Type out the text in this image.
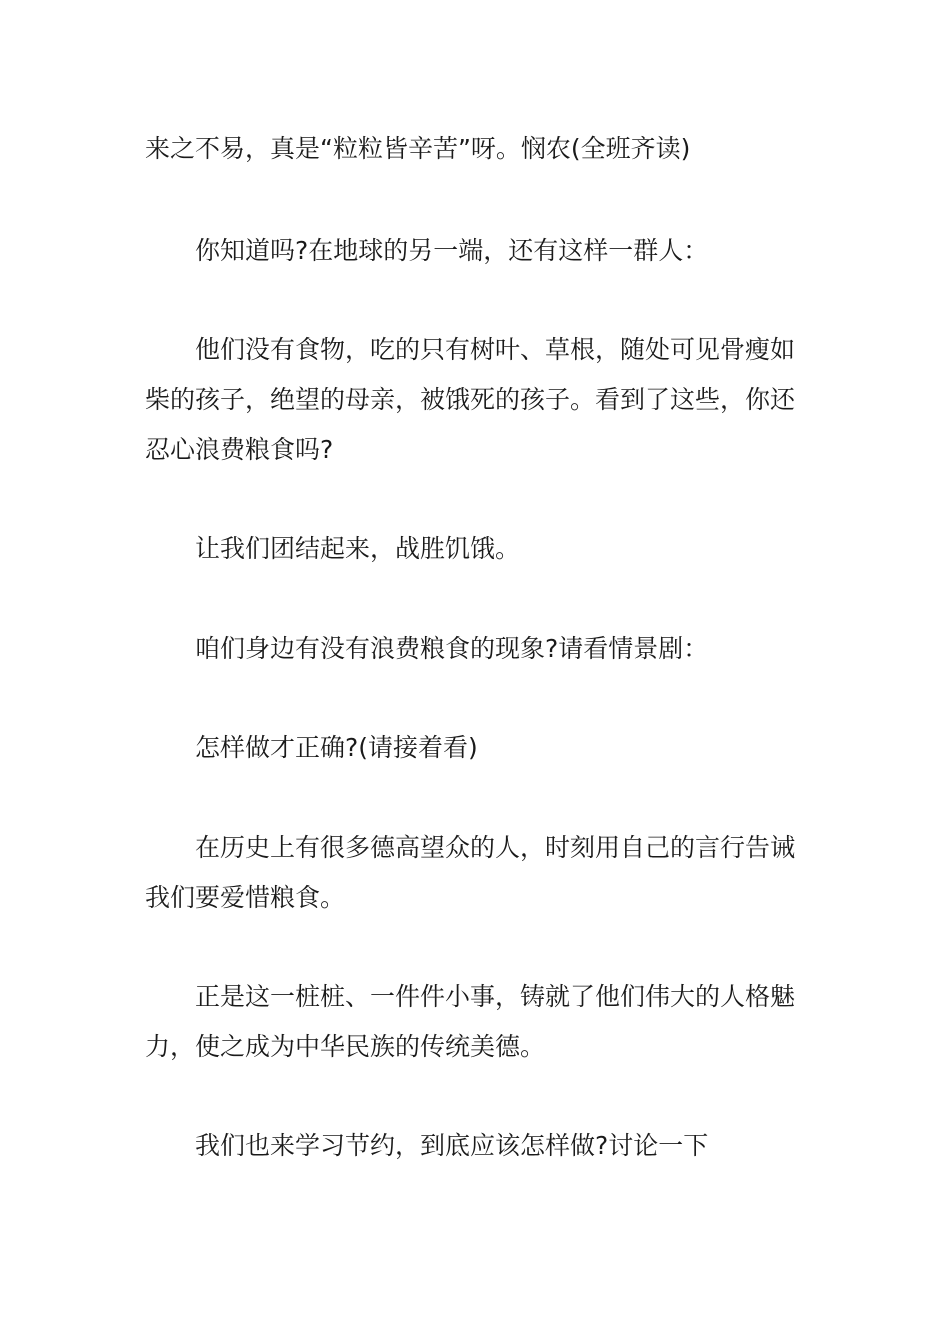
来之不易，真是“粒粒皆辛苦”呀。悯农(全班齐读)

你知道吗?在地球的另一端，还有这样一群人：

他们没有食物，吃的只有树叶、草根，随处可见骨瘦如柴的孩子，绝望的母亲，被饿死的孩子。看到了这些，你还忍心浪费粮食吗?

让我们团结起来，战胜饥饿。

咱们身边有没有浪费粮食的现象?请看情景剧：

怎样做才正确?(请接着看)

在历史上有很多德高望众的人，时刻用自己的言行告诫我们要爱惜粮食。

正是这一桩桩、一件件小事，铸就了他们伟大的人格魅力，使之成为中华民族的传统美德。

我们也来学习节约，到底应该怎样做?讨论一下
